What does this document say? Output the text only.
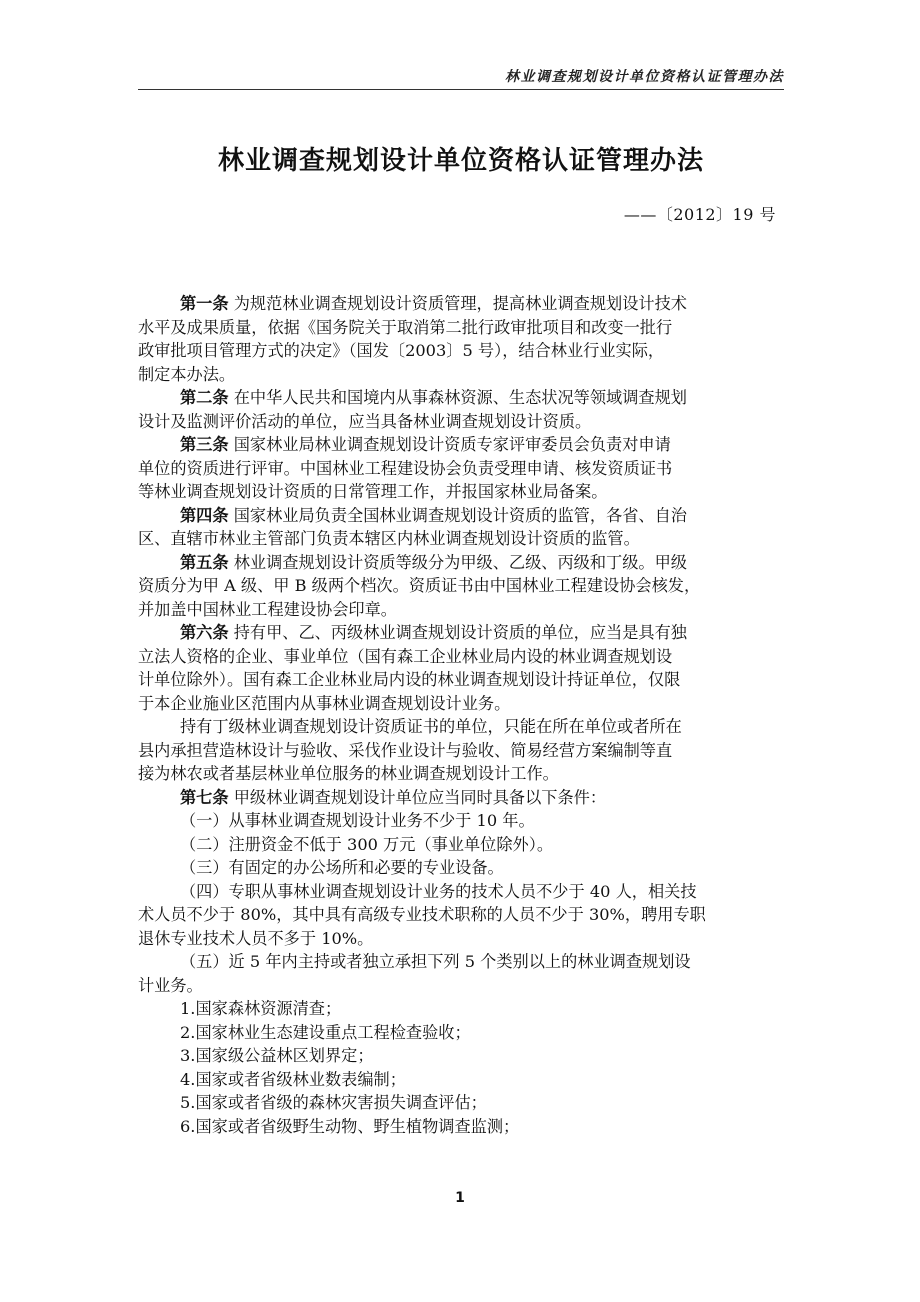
林业调查规划设计单位资格认证管理办法
林业调查规划设计单位资格认证管理办法
——〔2012〕19 号
第一条 为规范林业调查规划设计资质管理，提高林业调查规划设计技术
水平及成果质量，依据《国务院关于取消第二批行政审批项目和改变一批行
政审批项目管理方式的决定》（国发〔2003〕5 号），结合林业行业实际，
制定本办法。
第二条 在中华人民共和国境内从事森林资源、生态状况等领域调查规划
设计及监测评价活动的单位，应当具备林业调查规划设计资质。
第三条 国家林业局林业调查规划设计资质专家评审委员会负责对申请
单位的资质进行评审。中国林业工程建设协会负责受理申请、核发资质证书
等林业调查规划设计资质的日常管理工作，并报国家林业局备案。
第四条 国家林业局负责全国林业调查规划设计资质的监管，各省、自治
区、直辖市林业主管部门负责本辖区内林业调查规划设计资质的监管。
第五条 林业调查规划设计资质等级分为甲级、乙级、丙级和丁级。甲级
资质分为甲 A 级、甲 B 级两个档次。资质证书由中国林业工程建设协会核发，
并加盖中国林业工程建设协会印章。
第六条 持有甲、乙、丙级林业调查规划设计资质的单位，应当是具有独
立法人资格的企业、事业单位（国有森工企业林业局内设的林业调查规划设
计单位除外）。国有森工企业林业局内设的林业调查规划设计持证单位，仅限
于本企业施业区范围内从事林业调查规划设计业务。
持有丁级林业调查规划设计资质证书的单位，只能在所在单位或者所在
县内承担营造林设计与验收、采伐作业设计与验收、简易经营方案编制等直
接为林农或者基层林业单位服务的林业调查规划设计工作。
第七条 甲级林业调查规划设计单位应当同时具备以下条件：
（一）从事林业调查规划设计业务不少于 10 年。
（二）注册资金不低于 300 万元（事业单位除外）。
（三）有固定的办公场所和必要的专业设备。
（四）专职从事林业调查规划设计业务的技术人员不少于 40 人，相关技
术人员不少于 80%，其中具有高级专业技术职称的人员不少于 30%，聘用专职
退休专业技术人员不多于 10%。
（五）近 5 年内主持或者独立承担下列 5 个类别以上的林业调查规划设
计业务。
1.国家森林资源清查；
2.国家林业生态建设重点工程检查验收；
3.国家级公益林区划界定；
4.国家或者省级林业数表编制；
5.国家或者省级的森林灾害损失调查评估；
6.国家或者省级野生动物、野生植物调查监测；
1
